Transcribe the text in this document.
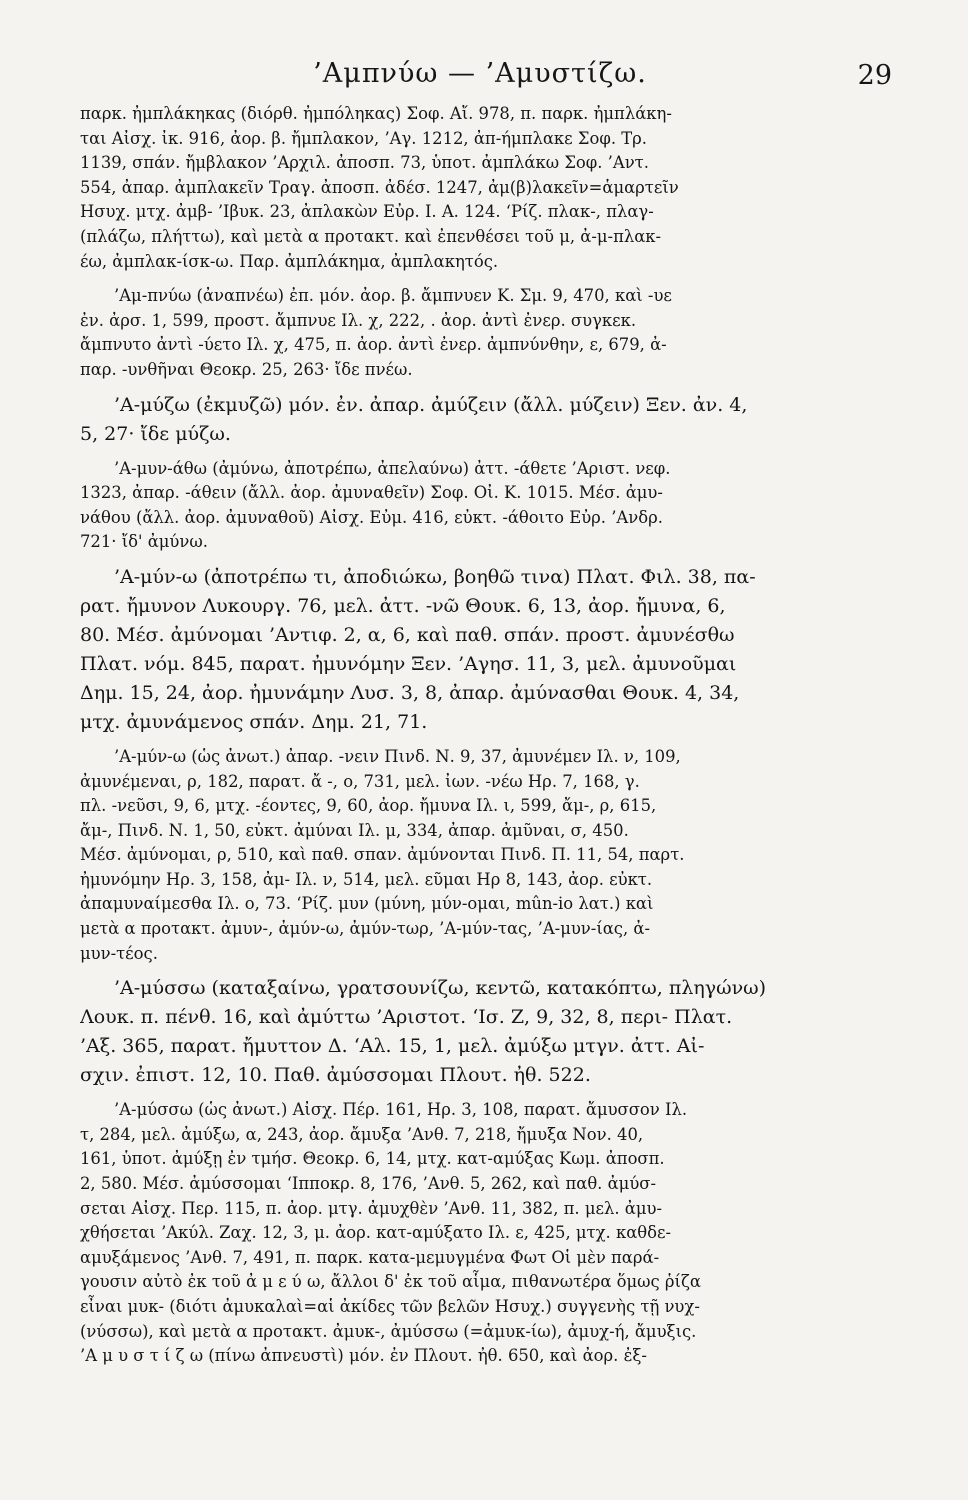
’Αμπνύω — ’Αμυστίζω.	29
παρκ. ἠμπλάκηκας (διόρθ. ἠμπόληκας) Σοφ. Αἴ. 978, π. παρκ. ἠμπλάκη-
ται Αἰσχ. ἰκ. 916, ἀορ. β. ἤμπλακον, ’Αγ. 1212, ἀπ-ήμπλακε Σοφ. Τρ.
1139, σπάν. ἤμβλακον ’Αρχιλ. ἀποσπ. 73, ὑποτ. ἀμπλάκω Σοφ. ’Αντ.
554, ἀπαρ. ἀμπλακεῖν Τραγ. ἀποσπ. ἀδέσ. 1247, ἀμ(β)λακεῖν=ἁμαρτεῖν
Ησυχ. μτχ. ἀμβ- ’Ιβυκ. 23, ἀπλακὼν Εὐρ. Ι. Α. 124. ‘Ρίζ. πλακ-, πλαγ-
(πλάζω, πλήττω), καὶ μετὰ α προτακτ. καὶ ἐπενθέσει τοῦ μ, ἀ-μ-πλακ-
έω, ἀμπλακ-ίσκ-ω. Παρ. ἀμπλάκημα, ἀμπλακητός.
’Αμ-πνύω (ἀναπνέω) ἐπ. μόν. ἀορ. β. ἄμπνυεν Κ. Σμ. 9, 470, καὶ -υε
ἐν. ἀρσ. 1, 599, προστ. ἄμπνυε Ιλ. χ, 222, . ἀορ. ἀντὶ ἐνερ. συγκεκ.
ἄμπνυτο ἀντὶ -ύετο Ιλ. χ, 475, π. ἀορ. ἀντὶ ἐνερ. ἀμπνύνθην, ε, 679, ἀ-
παρ. -υνθῆναι Θεοκρ. 25, 263· ἴδε πνέω.
’Α-μύζω (ἐκμυζῶ) μόν. ἐν. ἀπαρ. ἀμύζειν (ἄλλ. μύζειν) Ξεν. ἀν. 4,
5, 27· ἴδε μύζω.
’Α-μυν-άθω (ἀμύνω, ἀποτρέπω, ἀπελαύνω) ἀττ. -άθετε ’Αριστ. νεφ.
1323, ἀπαρ. -άθειν (ἄλλ. ἀορ. ἀμυναθεῖν) Σοφ. Οἰ. Κ. 1015. Μέσ. ἀμυ-
νάθου (ἄλλ. ἀορ. ἀμυναθοῦ) Αἰσχ. Εὐμ. 416, εὐκτ. -άθοιτο Εὐρ. ’Ανδρ.
721· ἴδ' ἀμύνω.
’Α-μύν-ω (ἀποτρέπω τι, ἀποδιώκω, βοηθῶ τινα) Πλατ. Φιλ. 38, πα-
ρατ. ἤμυνον Λυκουργ. 76, μελ. ἀττ. -νῶ Θουκ. 6, 13, ἀορ. ἤμυνα, 6,
80. Μέσ. ἀμύνομαι ’Αντιφ. 2, α, 6, καὶ παθ. σπάν. προστ. ἀμυνέσθω
Πλατ. νόμ. 845, παρατ. ἠμυνόμην Ξεν. ’Αγησ. 11, 3, μελ. ἀμυνοῦμαι
Δημ. 15, 24, ἀορ. ἠμυνάμην Λυσ. 3, 8, ἀπαρ. ἀμύνασθαι Θουκ. 4, 34,
μτχ. ἀμυνάμενος σπάν. Δημ. 21, 71.
’Α-μύν-ω (ὡς ἀνωτ.) ἀπαρ. -νειν Πινδ. Ν. 9, 37, ἀμυνέμεν Ιλ. ν, 109,
ἀμυνέμεναι, ρ, 182, παρατ. ἄ -, ο, 731, μελ. ἰων. -νέω Ηρ. 7, 168, γ.
πλ. -νεῦσι, 9, 6, μτχ. -έοντες, 9, 60, ἀορ. ἤμυνα Ιλ. ι, 599, ἄμ-, ρ, 615,
ἄμ-, Πινδ. Ν. 1, 50, εὐκτ. ἀμύναι Ιλ. μ, 334, ἀπαρ. ἀμῦναι, σ, 450.
Μέσ. ἀμύνομαι, ρ, 510, καὶ παθ. σπαν. ἀμύνονται Πινδ. Π. 11, 54, παρτ.
ἠμυνόμην Ηρ. 3, 158, ἀμ- Ιλ. ν, 514, μελ. εῦμαι Ηρ 8, 143, ἀορ. εὐκτ.
ἀπαμυναίμεσθα Ιλ. ο, 73. ‘Ρίζ. μυν (μύνη, μύν-ομαι, mûn-io λατ.) καὶ
μετὰ α προτακτ. ἀμυν-, ἀμύν-ω, ἀμύν-τωρ, ’Α-μύν-τας, ’Α-μυν-ίας, ἀ-
μυν-τέος.
’Α-μύσσω (καταξαίνω, γρατσουνίζω, κεντῶ, κατακόπτω, πληγώνω)
Λουκ. π. πένθ. 16, καὶ ἀμύττω ’Αριστοτ. ‘Ισ. Ζ, 9, 32, 8, περι- Πλατ.
’Αξ. 365, παρατ. ἤμυττον Δ. ‘Αλ. 15, 1, μελ. ἀμύξω μτγν. ἀττ. Αἰ-
σχιν. ἐπιστ. 12, 10. Παθ. ἀμύσσομαι Πλουτ. ἠθ. 522.
’Α-μύσσω (ὡς ἀνωτ.) Αἰσχ. Πέρ. 161, Ηρ. 3, 108, παρατ. ἄμυσσον Ιλ.
τ, 284, μελ. ἀμύξω, α, 243, ἀορ. ἄμυξα ’Ανθ. 7, 218, ἤμυξα Νον. 40,
161, ὑποτ. ἀμύξῃ ἐν τμήσ. Θεοκρ. 6, 14, μτχ. κατ-αμύξας Κωμ. ἀποσπ.
2, 580. Μέσ. ἀμύσσομαι ‘Ιπποκρ. 8, 176, ’Ανθ. 5, 262, καὶ παθ. ἀμύσ-
σεται Αἰσχ. Περ. 115, π. ἀορ. μτγ. ἀμυχθὲν ’Ανθ. 11, 382, π. μελ. ἀμυ-
χθήσεται ’Ακύλ. Ζαχ. 12, 3, μ. ἀορ. κατ-αμύξατο Ιλ. ε, 425, μτχ. καθδε-
αμυξάμενος ’Ανθ. 7, 491, π. παρκ. κατα-μεμυγμένα Φωτ Οἱ μὲν παρά-
γουσιν αὐτὸ ἐκ τοῦ ἀ μ ε ύ ω, ἄλλοι δ' ἐκ τοῦ αἷμα, πιθανωτέρα ὅμως ῥίζα
εἶναι μυκ- (διότι ἀμυκαλαὶ=αἱ ἀκίδες τῶν βελῶν Ησυχ.) συγγενὴς τῇ νυχ-
(νύσσω), καὶ μετὰ α προτακτ. ἀμυκ-, ἀμύσσω (=ἀμυκ-ίω), ἀμυχ-ή, ἄμυξις.
’Α μ υ σ τ ί ζ ω (πίνω ἀπνευστὶ) μόν. ἐν Πλουτ. ἠθ. 650, καὶ ἀορ. ἐξ-
